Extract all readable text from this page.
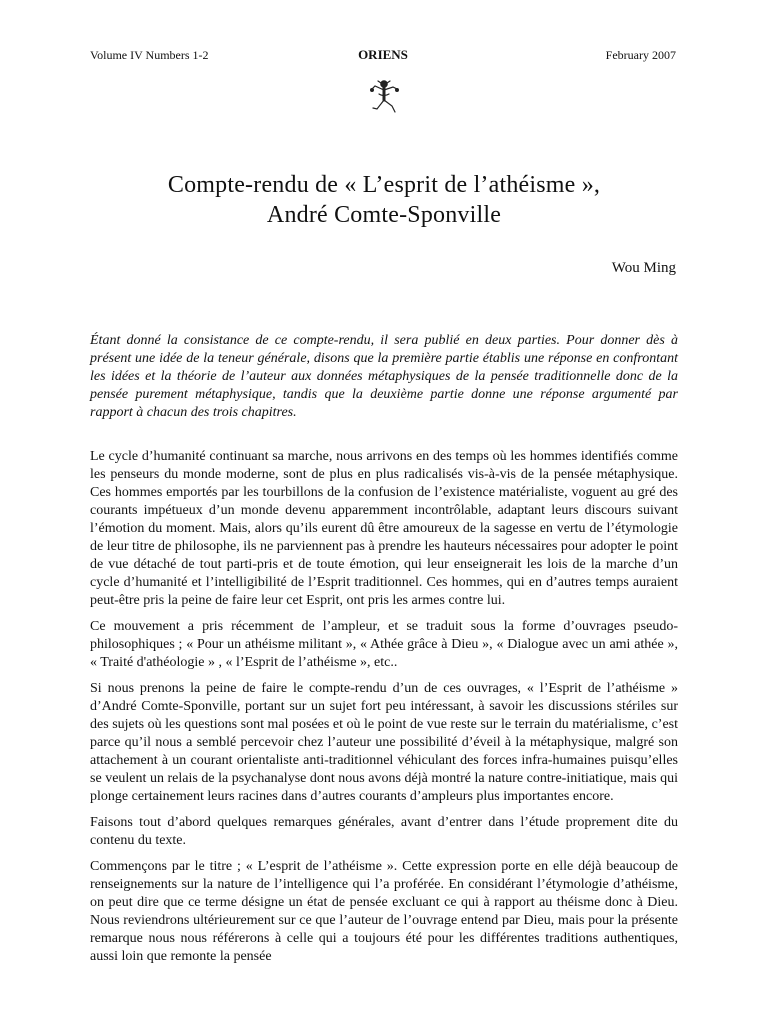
Volume IV Numbers 1-2	ORIENS	February 2007
Compte-rendu de « L’esprit de l’athéisme »,
André Comte-Sponville
Wou Ming
Étant donné la consistance de ce compte-rendu, il sera publié en deux parties. Pour donner dès à présent une idée de la teneur générale, disons que la première partie établis une réponse en confrontant les idées et la théorie de l’auteur aux données métaphysiques de la pensée traditionnelle donc de la pensée purement métaphysique, tandis que la deuxième partie donne une réponse argumenté par rapport à chacun des trois chapitres.

Le cycle d’humanité continuant sa marche, nous arrivons en des temps où les hommes identifiés comme les penseurs du monde moderne, sont de plus en plus radicalisés vis-à-vis de la pensée métaphysique. Ces hommes emportés par les tourbillons de la confusion de l’existence matérialiste, voguent au gré des courants impétueux d’un monde devenu apparemment incontrôlable, adaptant leurs discours suivant l’émotion du moment. Mais, alors qu’ils eurent dû être amoureux de la sagesse en vertu de l’étymologie de leur titre de philosophe, ils ne parviennent pas à prendre les hauteurs nécessaires pour adopter le point de vue détaché de tout parti-pris et de toute émotion, qui leur enseignerait les lois de la marche d’un cycle d’humanité et l’intelligibilité de l’Esprit traditionnel. Ces hommes, qui en d’autres temps auraient peut-être pris la peine de faire leur cet Esprit, ont pris les armes contre lui.

Ce mouvement a pris récemment de l’ampleur, et se traduit sous la forme d’ouvrages pseudo-philosophiques ; « Pour un athéisme militant », « Athée grâce à Dieu », « Dialogue avec un ami athée », « Traité d'athéologie » , « l’Esprit de l’athéisme », etc..

Si nous prenons la peine de faire le compte-rendu d’un de ces ouvrages, « l’Esprit de l’athéisme » d’André Comte-Sponville, portant sur un sujet fort peu intéressant, à savoir les discussions stériles sur des sujets où les questions sont mal posées et où le point de vue reste sur le terrain du matérialisme, c’est parce qu’il nous a semblé percevoir chez l’auteur une possibilité d’éveil à la métaphysique, malgré son attachement à un courant orientaliste anti-traditionnel véhiculant des forces infra-humaines puisqu’elles se veulent un relais de la psychanalyse dont nous avons déjà montré la nature contre-initiatique, mais qui plonge certainement leurs racines dans d’autres courants d’ampleurs plus importantes encore.

Faisons tout d’abord quelques remarques générales, avant d’entrer dans l’étude proprement dite du contenu du texte.

Commençons par le titre ; « L’esprit de l’athéisme ». Cette expression porte en elle déjà beaucoup de renseignements sur la nature de l’intelligence qui l’a proférée. En considérant l’étymologie d’athéisme, on peut dire que ce terme désigne un état de pensée excluant ce qui à rapport au théisme donc à Dieu. Nous reviendrons ultérieurement sur ce que l’auteur de l’ouvrage entend par Dieu, mais pour la présente remarque nous nous référerons à celle qui a toujours été pour les différentes traditions authentiques, aussi loin que remonte la pensée
